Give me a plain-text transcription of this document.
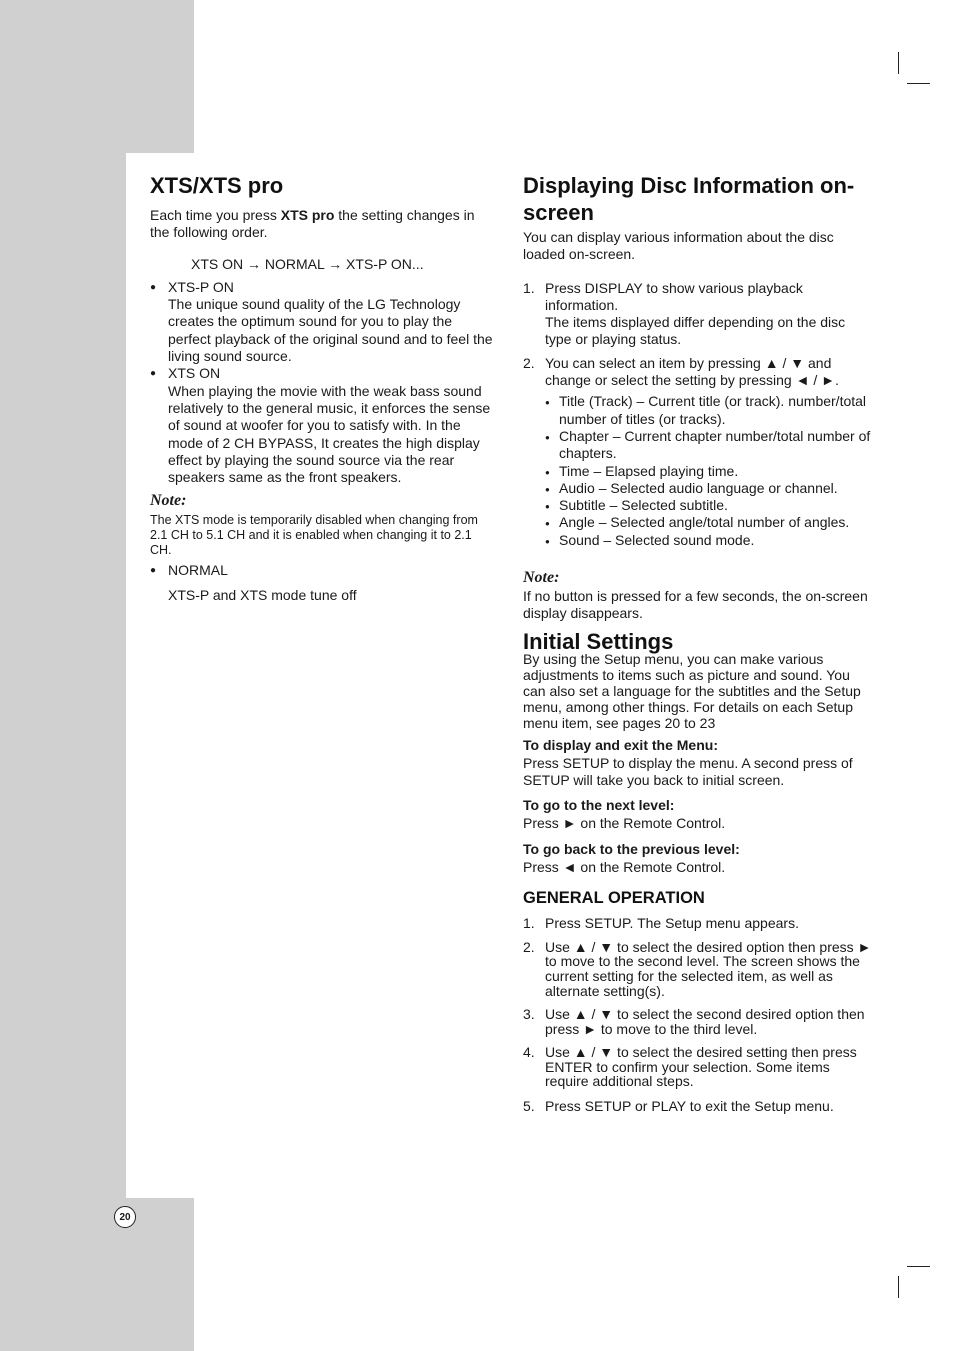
20
XTS/XTS pro

Each time you press XTS pro the setting changes in the following order.

XTS ON → NORMAL → XTS-P ON...

● XTS-P ON
The unique sound quality of the LG Technology creates the optimum sound for you to play the perfect playback of the original sound and to feel the living sound source.
● XTS ON
When playing the movie with the weak bass sound relatively to the general music, it enforces the sense of sound at woofer for you to satisfy with. In the mode of 2 CH BYPASS, It creates the high display effect by playing the sound source via the rear speakers same as the front speakers.

Note:

The XTS mode is temporarily disabled when changing from 2.1 CH to 5.1 CH and it is enabled when changing it to 2.1 CH.

● NORMAL
XTS-P and XTS mode tune off
Displaying Disc Information on-screen

You can display various information about the disc loaded on-screen.

1. Press DISPLAY to show various playback information.
The items displayed differ depending on the disc type or playing status.
2. You can select an item by pressing ▲ / ▼ and change or select the setting by pressing ◄ / ►.
● Title (Track) – Current title (or track). number/total number of titles (or tracks).
● Chapter – Current chapter number/total number of chapters.
● Time – Elapsed playing time.
● Audio – Selected audio language or channel.
● Subtitle – Selected subtitle.
● Angle – Selected angle/total number of angles.
● Sound – Selected sound mode.

Note:

If no button is pressed for a few seconds, the on-screen display disappears.

Initial Settings

By using the Setup menu, you can make various adjustments to items such as picture and sound. You can also set a language for the subtitles and the Setup menu, among other things. For details on each Setup menu item, see pages 20 to 23

To display and exit the Menu:

Press SETUP to display the menu. A second press of SETUP will take you back to initial screen.

To go to the next level:

Press ► on the Remote Control.

To go back to the previous level:

Press ◄ on the Remote Control.

GENERAL OPERATION
1. Press SETUP. The Setup menu appears.
2. Use ▲ / ▼ to select the desired option then press ► to move to the second level. The screen shows the current setting for the selected item, as well as alternate setting(s).
3. Use ▲ / ▼ to select the second desired option then press ► to move to the third level.
4. Use ▲ / ▼ to select the desired setting then press ENTER to confirm your selection. Some items require additional steps.
5. Press SETUP or PLAY to exit the Setup menu.
